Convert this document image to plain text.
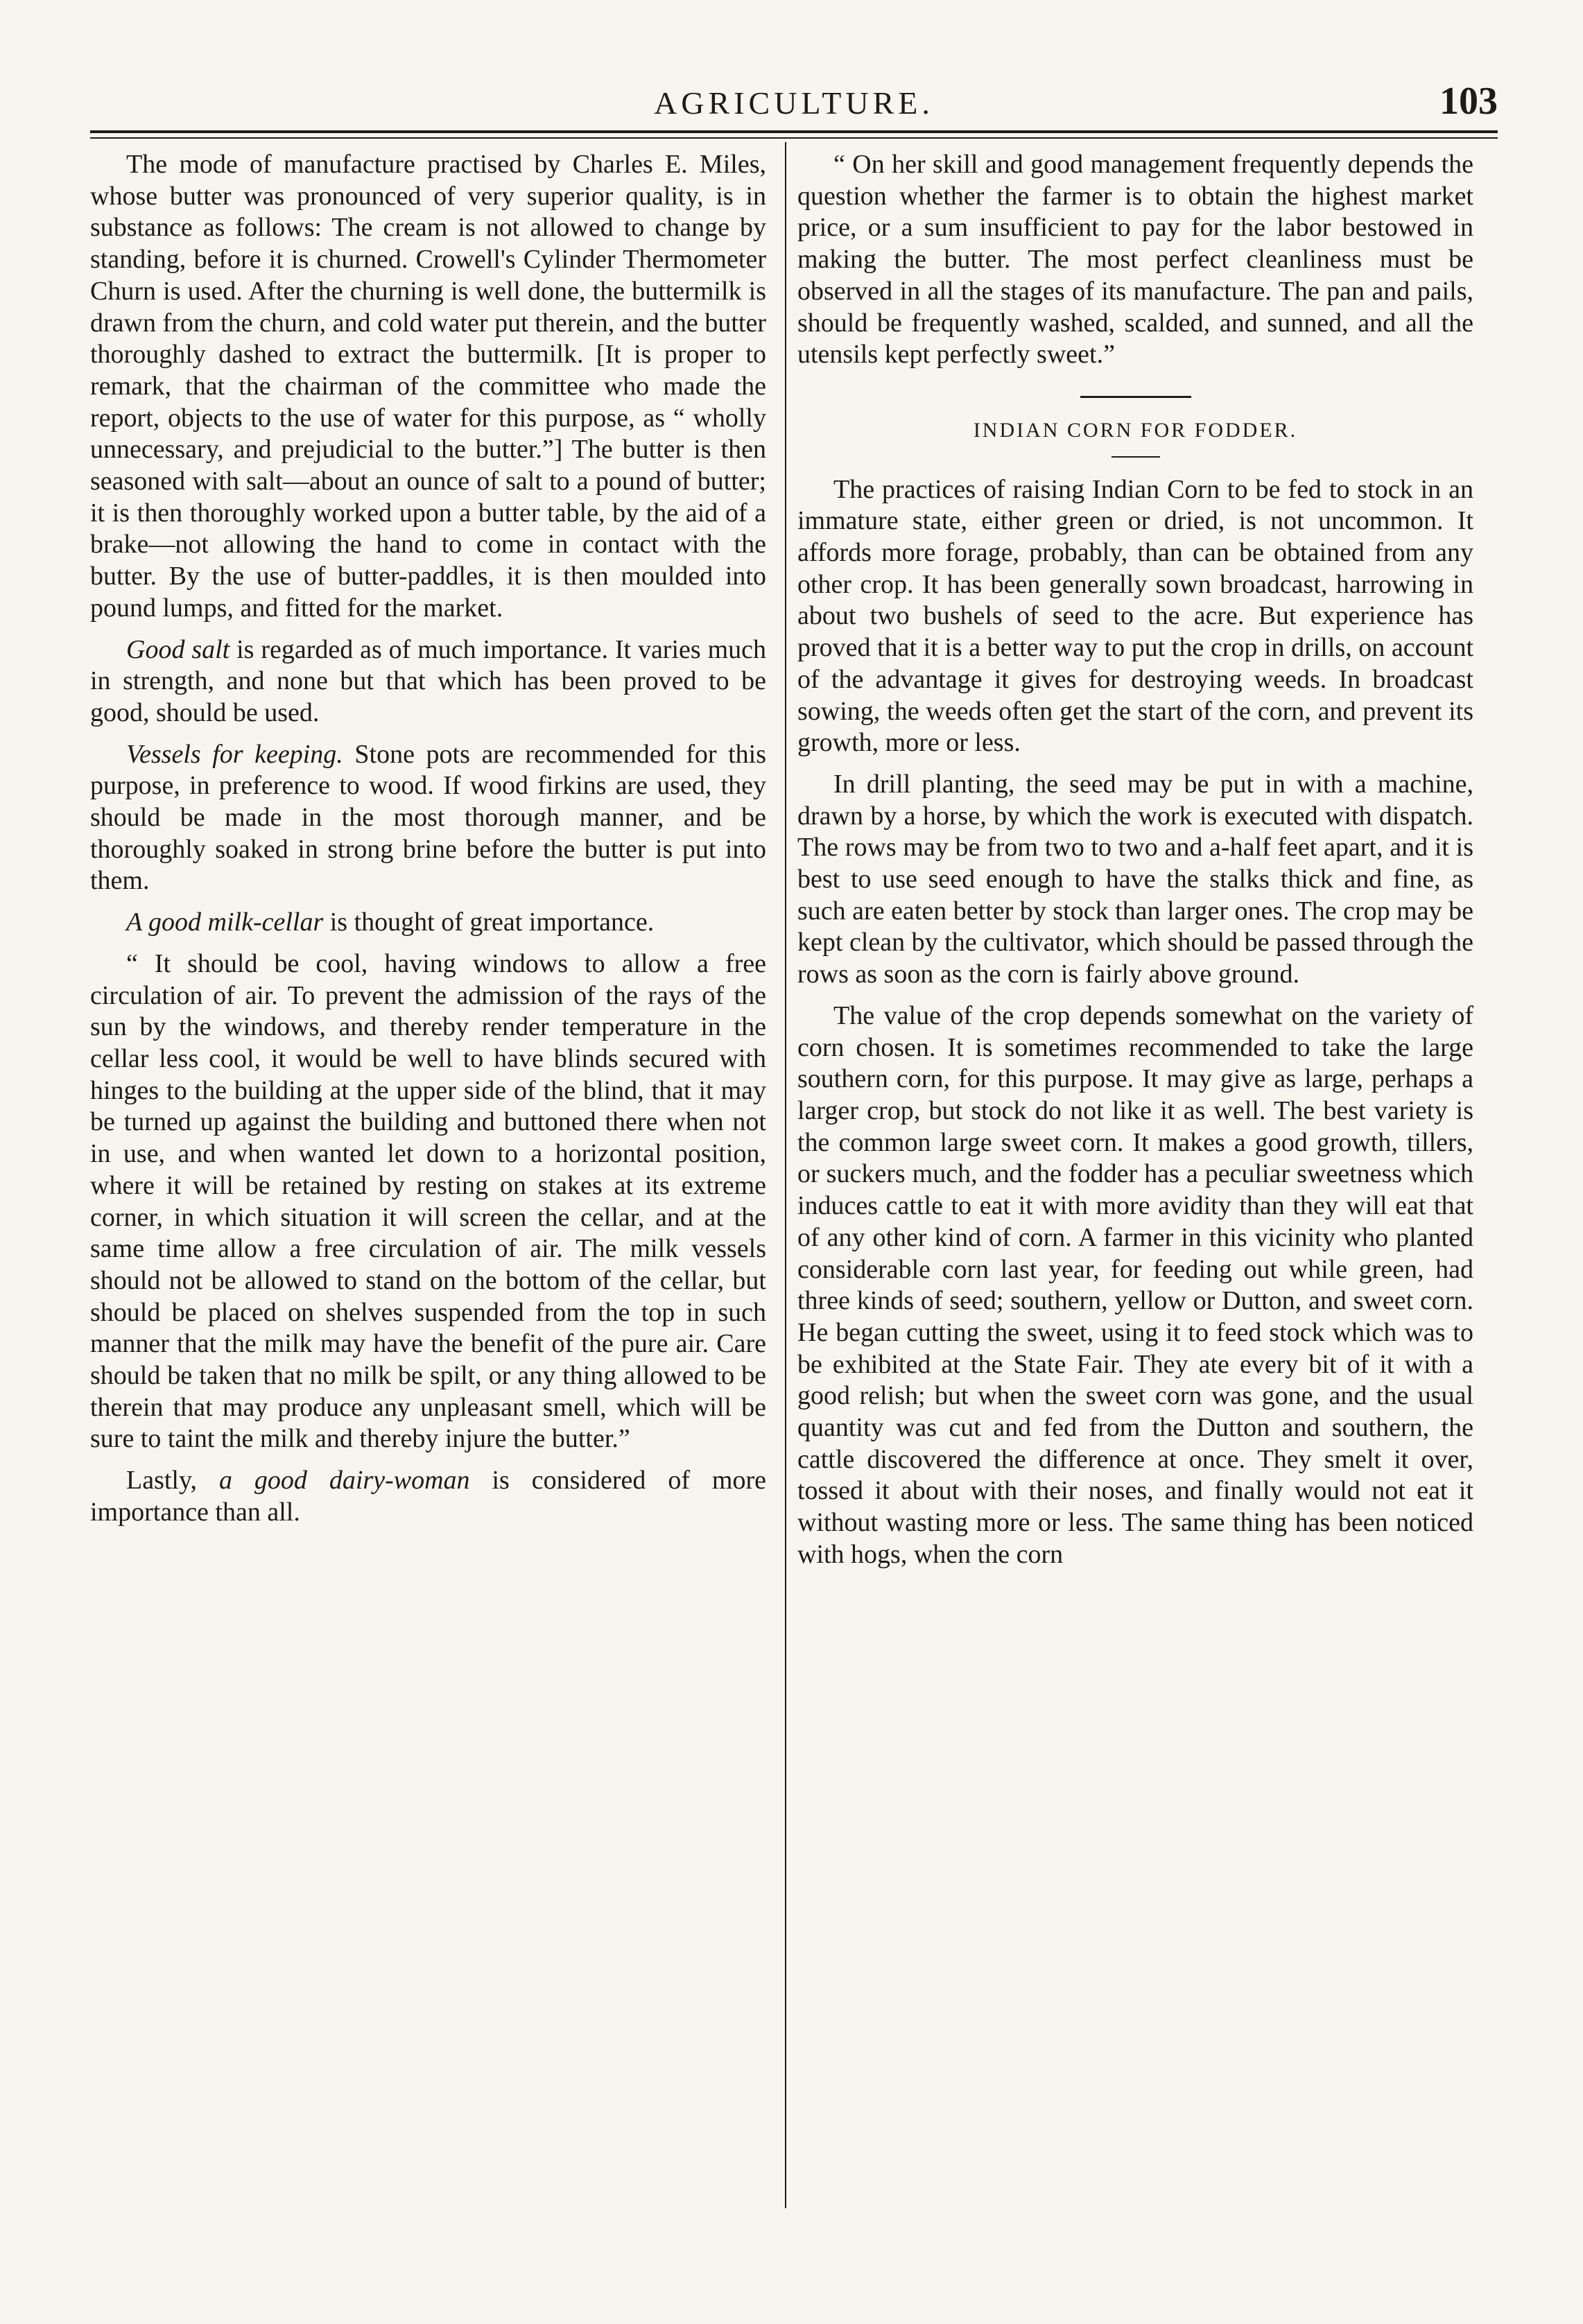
AGRICULTURE.	103

The mode of manufacture practised by Charles E. Miles, whose butter was pronounced of very superior quality, is in substance as follows: The cream is not allowed to change by standing, before it is churned. Crowell's Cylinder Thermometer Churn is used. After the churning is well done, the buttermilk is drawn from the churn, and cold water put therein, and the butter thoroughly dashed to extract the buttermilk. [It is proper to remark, that the chairman of the committee who made the report, objects to the use of water for this purpose, as “ wholly unnecessary, and prejudicial to the butter.”] The butter is then seasoned with salt—about an ounce of salt to a pound of butter; it is then thoroughly worked upon a butter table, by the aid of a brake—not allowing the hand to come in contact with the butter. By the use of butter-paddles, it is then moulded into pound lumps, and fitted for the market.

Good salt is regarded as of much importance. It varies much in strength, and none but that which has been proved to be good, should be used.

Vessels for keeping. Stone pots are recommended for this purpose, in preference to wood. If wood firkins are used, they should be made in the most thorough manner, and be thoroughly soaked in strong brine before the butter is put into them.

A good milk-cellar is thought of great importance.

“ It should be cool, having windows to allow a free circulation of air. To prevent the admission of the rays of the sun by the windows, and thereby render temperature in the cellar less cool, it would be well to have blinds secured with hinges to the building at the upper side of the blind, that it may be turned up against the building and buttoned there when not in use, and when wanted let down to a horizontal position, where it will be retained by resting on stakes at its extreme corner, in which situation it will screen the cellar, and at the same time allow a free circulation of air. The milk vessels should not be allowed to stand on the bottom of the cellar, but should be placed on shelves suspended from the top in such manner that the milk may have the benefit of the pure air. Care should be taken that no milk be spilt, or any thing allowed to be therein that may produce any unpleasant smell, which will be sure to taint the milk and thereby injure the butter.”

Lastly, a good dairy-woman is considered of more importance than all.

“ On her skill and good management frequently depends the question whether the farmer is to obtain the highest market price, or a sum insufficient to pay for the labor bestowed in making the butter. The most perfect cleanliness must be observed in all the stages of its manufacture. The pan and pails, should be frequently washed, scalded, and sunned, and all the utensils kept perfectly sweet.”

INDIAN CORN FOR FODDER.

The practices of raising Indian Corn to be fed to stock in an immature state, either green or dried, is not uncommon. It affords more forage, probably, than can be obtained from any other crop. It has been generally sown broadcast, harrowing in about two bushels of seed to the acre. But experience has proved that it is a better way to put the crop in drills, on account of the advantage it gives for destroying weeds. In broadcast sowing, the weeds often get the start of the corn, and prevent its growth, more or less.

In drill planting, the seed may be put in with a machine, drawn by a horse, by which the work is executed with dispatch. The rows may be from two to two and a-half feet apart, and it is best to use seed enough to have the stalks thick and fine, as such are eaten better by stock than larger ones. The crop may be kept clean by the cultivator, which should be passed through the rows as soon as the corn is fairly above ground.

The value of the crop depends somewhat on the variety of corn chosen. It is sometimes recommended to take the large southern corn, for this purpose. It may give as large, perhaps a larger crop, but stock do not like it as well. The best variety is the common large sweet corn. It makes a good growth, tillers, or suckers much, and the fodder has a peculiar sweetness which induces cattle to eat it with more avidity than they will eat that of any other kind of corn. A farmer in this vicinity who planted considerable corn last year, for feeding out while green, had three kinds of seed; southern, yellow or Dutton, and sweet corn. He began cutting the sweet, using it to feed stock which was to be exhibited at the State Fair. They ate every bit of it with a good relish; but when the sweet corn was gone, and the usual quantity was cut and fed from the Dutton and southern, the cattle discovered the difference at once. They smelt it over, tossed it about with their noses, and finally would not eat it without wasting more or less. The same thing has been noticed with hogs, when the corn
